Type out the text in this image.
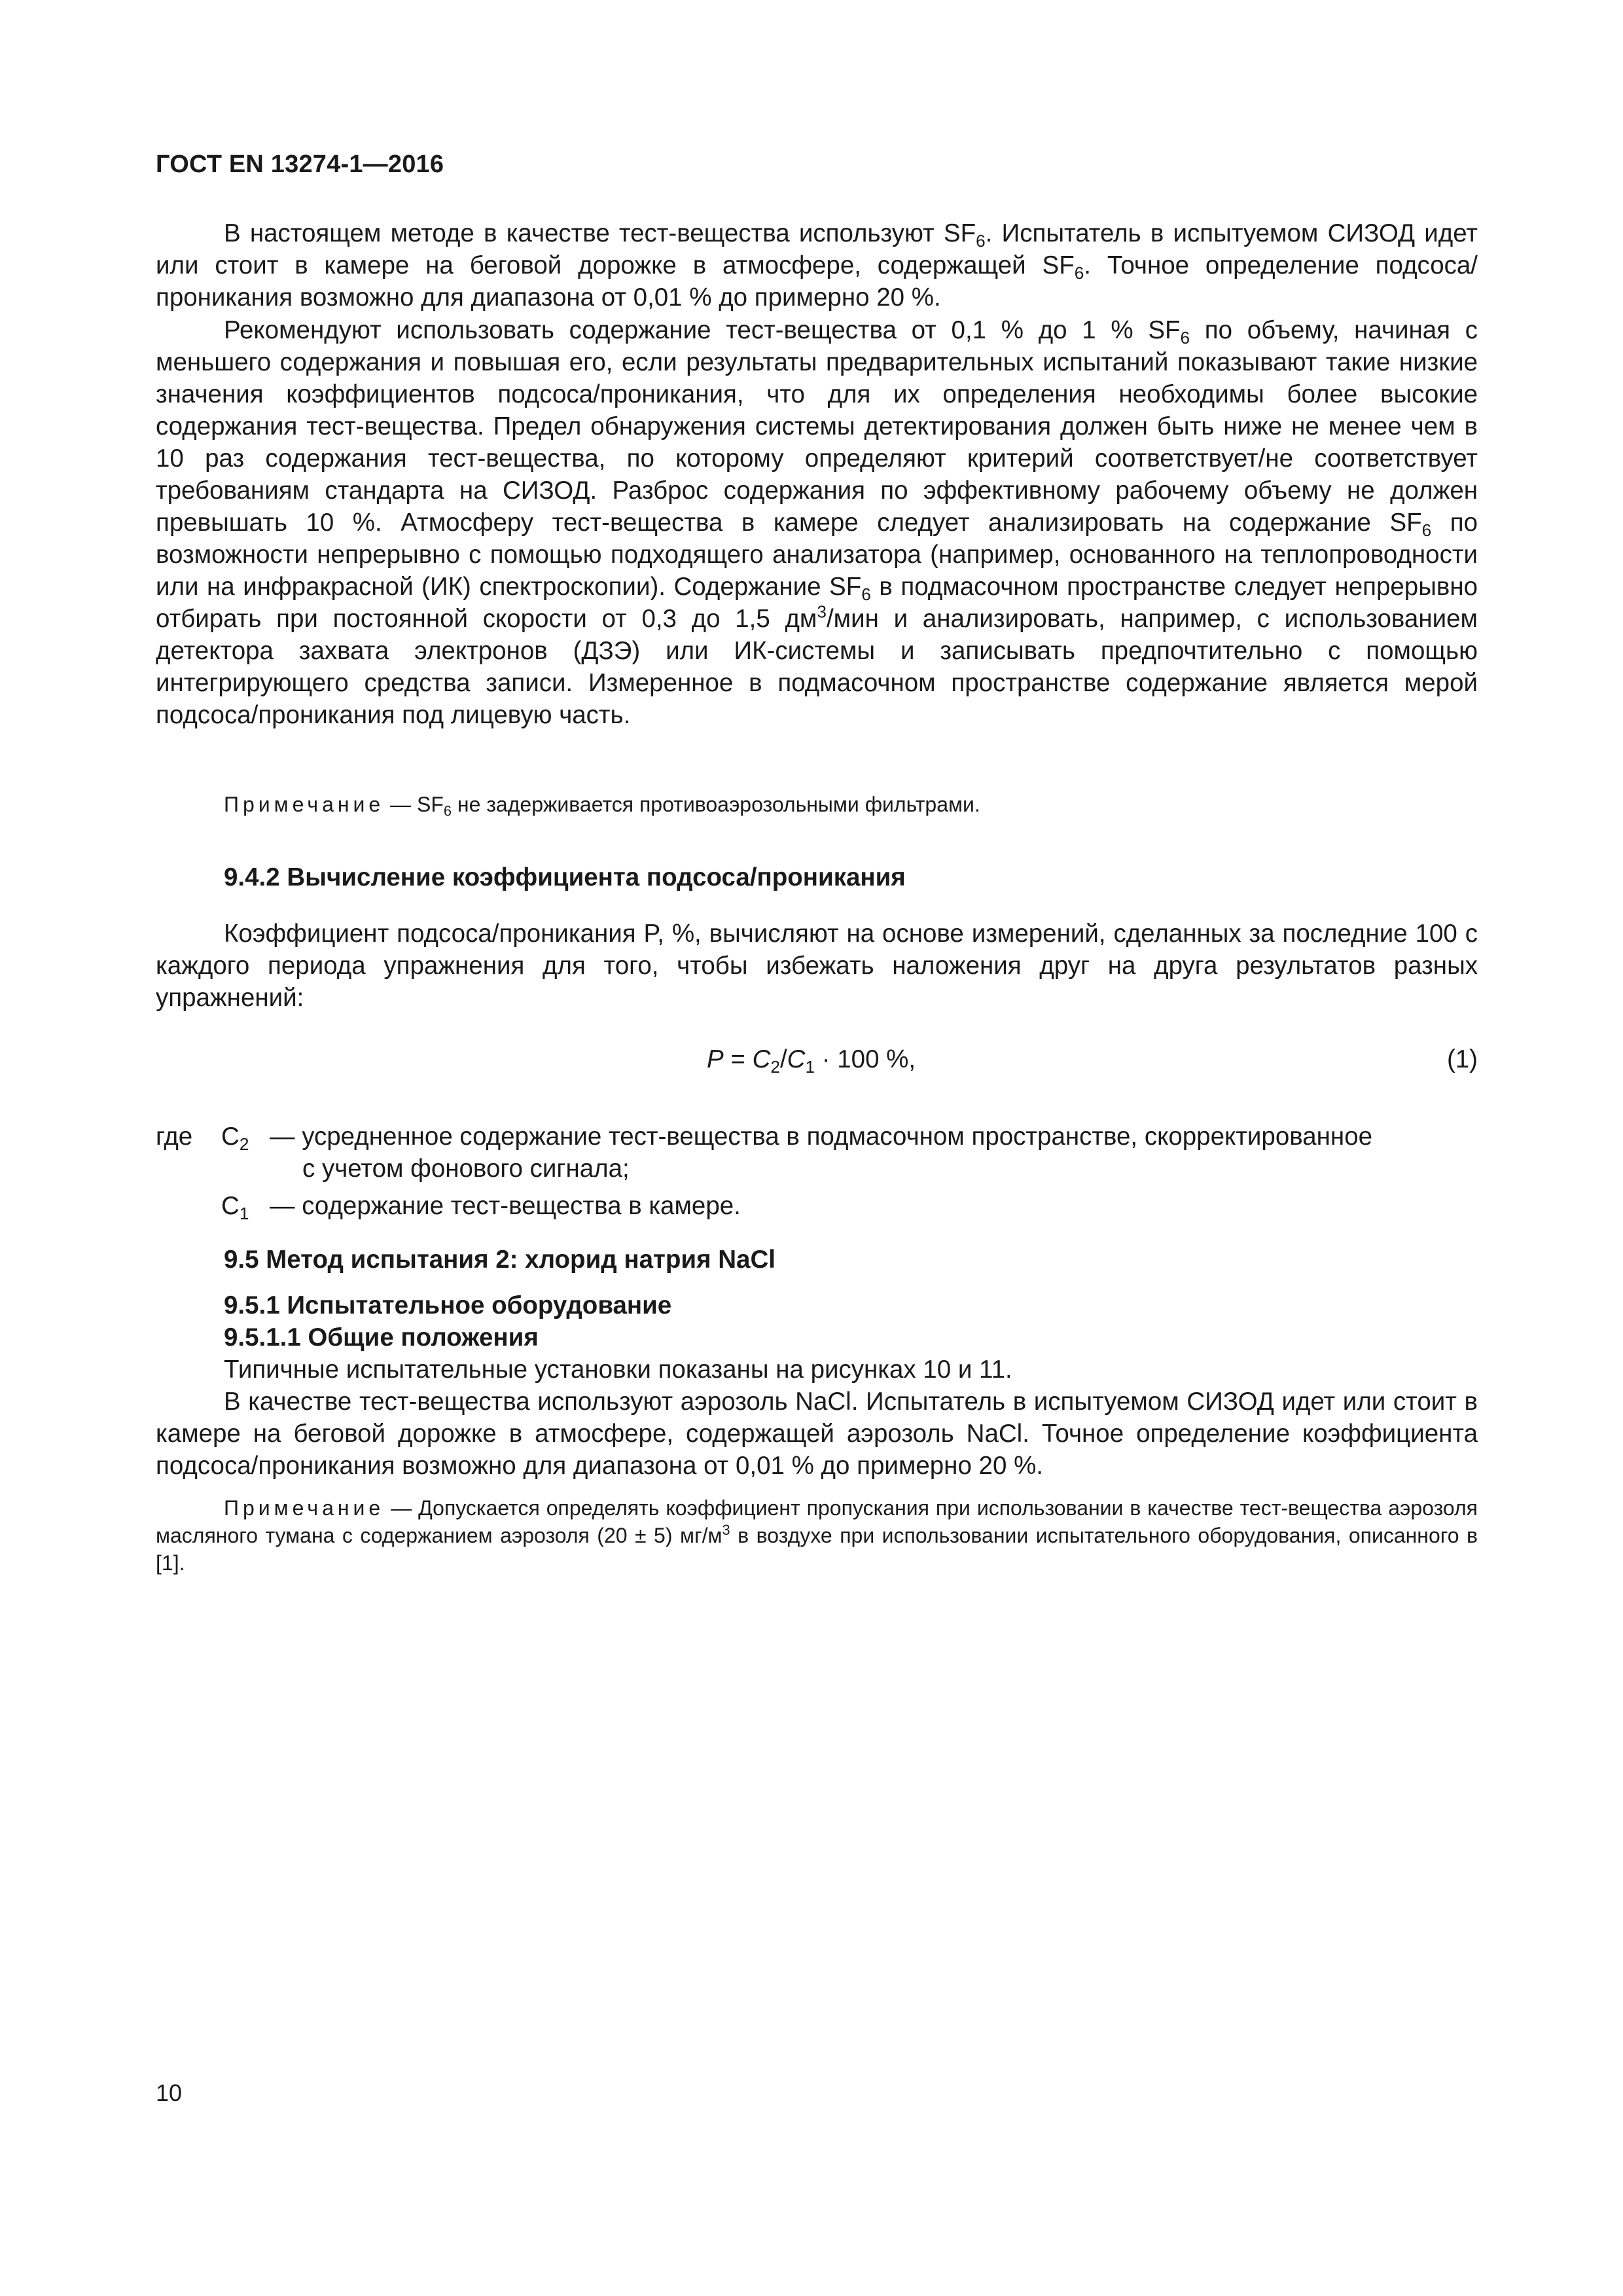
ГОСТ EN 13274-1—2016

В настоящем методе в качестве тест-вещества используют $SF_6$. Испытатель в испытуемом СИЗОД идет или стоит в камере на беговой дорожке в атмосфере, содержащей $SF_6$. Точное определение подсоса/проникания возможно для диапазона от 0,01 % до примерно 20 %.

Рекомендуют использовать содержание тест-вещества от 0,1 % до 1 % $SF_6$ по объему, начиная с меньшего содержания и повышая его, если результаты предварительных испытаний показывают такие низкие значения коэффициентов подсоса/проникания, что для их определения необходимы более высокие содержания тест-вещества. Предел обнаружения системы детектирования должен быть ниже не менее чем в 10 раз содержания тест-вещества, по которому определяют критерий соответствует/не соответствует требованиям стандарта на СИЗОД. Разброс содержания по эффективному рабочему объему не должен превышать 10 %. Атмосферу тест-вещества в камере следует анализировать на содержание $SF_6$ по возможности непрерывно с помощью подходящего анализатора (например, основанного на теплопроводности или на инфракрасной (ИК) спектроскопии). Содержание $SF_6$ в подмасочном пространстве следует непрерывно отбирать при постоянной скорости от 0,3 до 1,5 $дм^3$/мин и анализировать, например, с использованием детектора захвата электронов (ДЗЭ) или ИК-системы и записывать предпочтительно с помощью интегрирующего средства записи. Измеренное в подмасочном пространстве содержание является мерой подсоса/проникания под лицевую часть.

Примечание — $SF_6$ не задерживается противоаэрозольными фильтрами.

9.4.2 Вычисление коэффициента подсоса/проникания

Коэффициент подсоса/проникания P, %, вычисляют на основе измерений, сделанных за последние 100 с каждого периода упражнения для того, чтобы избежать наложения друг на друга результатов разных упражнений:

$P = C_2/C_1 \cdot 100$ %,	(1)
где $C_2$ — усредненное содержание тест-вещества в подмасочном пространстве, скорректированное
с учетом фонового сигнала;
$C_1$ — содержание тест-вещества в камере.
9.5 Метод испытания 2: хлорид натрия NaCl
9.5.1 Испытательное оборудование
9.5.1.1 Общие положения
Типичные испытательные установки показаны на рисунках 10 и 11.

В качестве тест-вещества используют аэрозоль NaCl. Испытатель в испытуемом СИЗОД идет или стоит в камере на беговой дорожке в атмосфере, содержащей аэрозоль NaCl. Точное определение коэффициента подсоса/проникания возможно для диапазона от 0,01 % до примерно 20 %.

Примечание — Допускается определять коэффициент пропускания при использовании в качестве тест-вещества аэрозоля масляного тумана с содержанием аэрозоля (20 ± 5) $мг/м^3$ в воздухе при использовании испытательного оборудования, описанного в [1].

10
